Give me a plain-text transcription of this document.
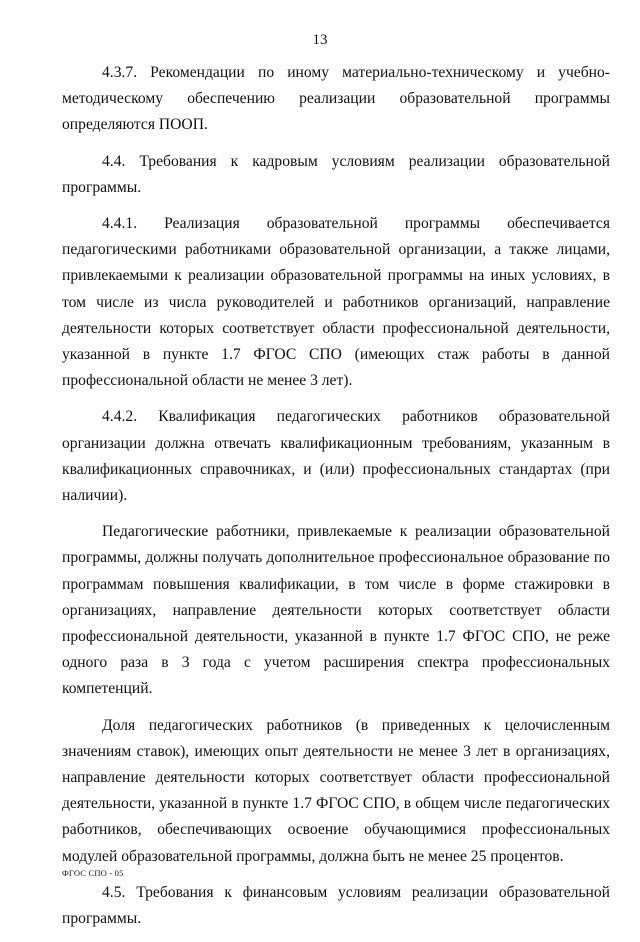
13

4.3.7. Рекомендации по иному материально-техническому и учебно-методическому обеспечению реализации образовательной программы определяются ПООП.

4.4. Требования к кадровым условиям реализации образовательной программы.

4.4.1. Реализация образовательной программы обеспечивается педагогическими работниками образовательной организации, а также лицами, привлекаемыми к реализации образовательной программы на иных условиях, в том числе из числа руководителей и работников организаций, направление деятельности которых соответствует области профессиональной деятельности, указанной в пункте 1.7 ФГОС СПО (имеющих стаж работы в данной профессиональной области не менее 3 лет).

4.4.2. Квалификация педагогических работников образовательной организации должна отвечать квалификационным требованиям, указанным в квалификационных справочниках, и (или) профессиональных стандартах (при наличии).

Педагогические работники, привлекаемые к реализации образовательной программы, должны получать дополнительное профессиональное образование по программам повышения квалификации, в том числе в форме стажировки в организациях, направление деятельности которых соответствует области профессиональной деятельности, указанной в пункте 1.7 ФГОС СПО, не реже одного раза в 3 года с учетом расширения спектра профессиональных компетенций.

Доля педагогических работников (в приведенных к целочисленным значениям ставок), имеющих опыт деятельности не менее 3 лет в организациях, направление деятельности которых соответствует области профессиональной деятельности, указанной в пункте 1.7 ФГОС СПО, в общем числе педагогических работников, обеспечивающих освоение обучающимися профессиональных модулей образовательной программы, должна быть не менее 25 процентов.

4.5. Требования к финансовым условиям реализации образовательной программы.

ФГОС СПО - 05
